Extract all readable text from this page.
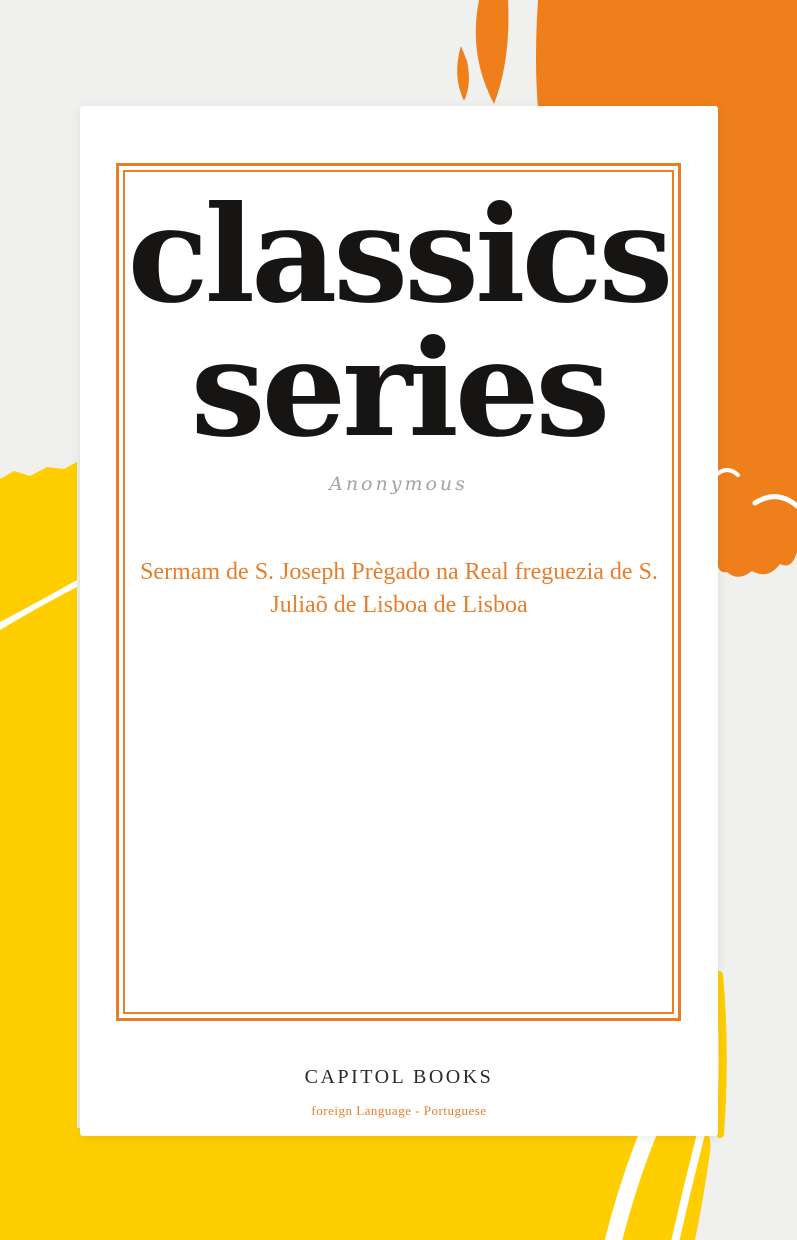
classics series
Anonymous
Sermam de S. Joseph Prègado na Real freguezia de S. Juliaõ de Lisboa de Lisboa
CAPITOL BOOKS
foreign Language - Portuguese
